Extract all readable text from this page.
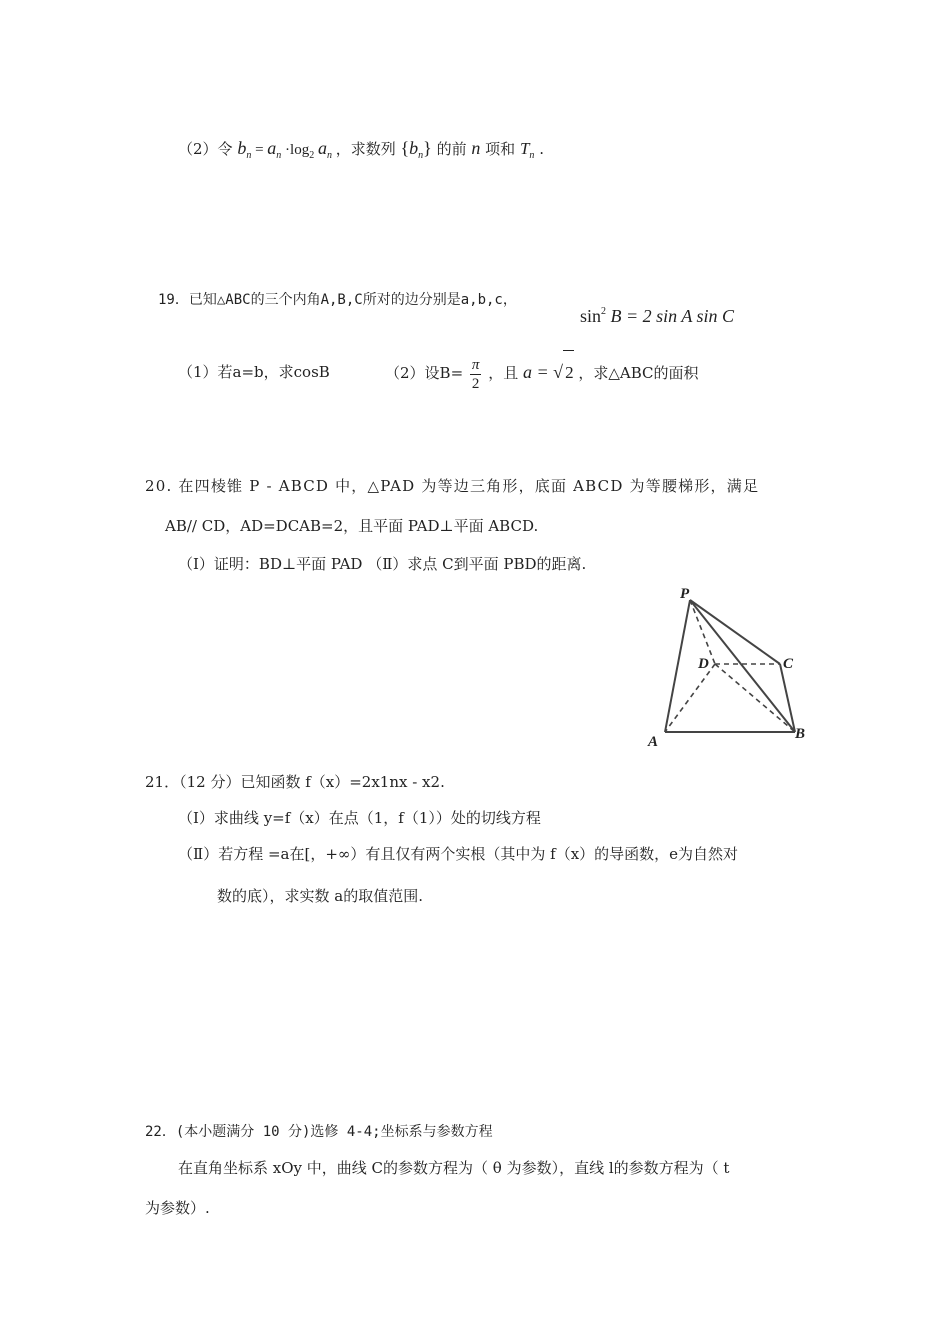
（2）令 $b_n = a_n \cdot\log_2$ $a_n$ ，求数列 $\{b_n\}$ 的前 n 项和 $T_n$ .
19．已知△ABC的三个内角A,B,C所对的边分别是a,b,c，
$\sin^2 B = 2$ sin A sin C
（1）若a=b，求cosB	（2）设$B= \frac{\pi}{2}$ ，且 a = √ 2 ，求△ABC的面积
20. 在四棱锥 P - ABCD 中，△PAD 为等边三角形，底面 ABCD 为等腰梯形，满足
AB// CD，AD=DCAB=2，且平面 PAD⊥平面 ABCD.
（Ⅰ）证明：BD⊥平面 PAD （Ⅱ）求点 C到平面 PBD的距离.
P
D	C
A	B
21．（12 分）已知函数 f（x）=2x1nx - x2.
（Ⅰ）求曲线 y=f（x）在点（1，f（1））处的切线方程
（Ⅱ）若方程 =a在[，+∞）有且仅有两个实根（其中为 f（x）的导函数，e为自然对
数的底），求实数 a的取值范围.
22．(本小题满分 10 分)选修 4-4;坐标系与参数方程
在直角坐标系 xOy 中，曲线 C的参数方程为（ θ 为参数），直线 l的参数方程为（ t
为参数）.
